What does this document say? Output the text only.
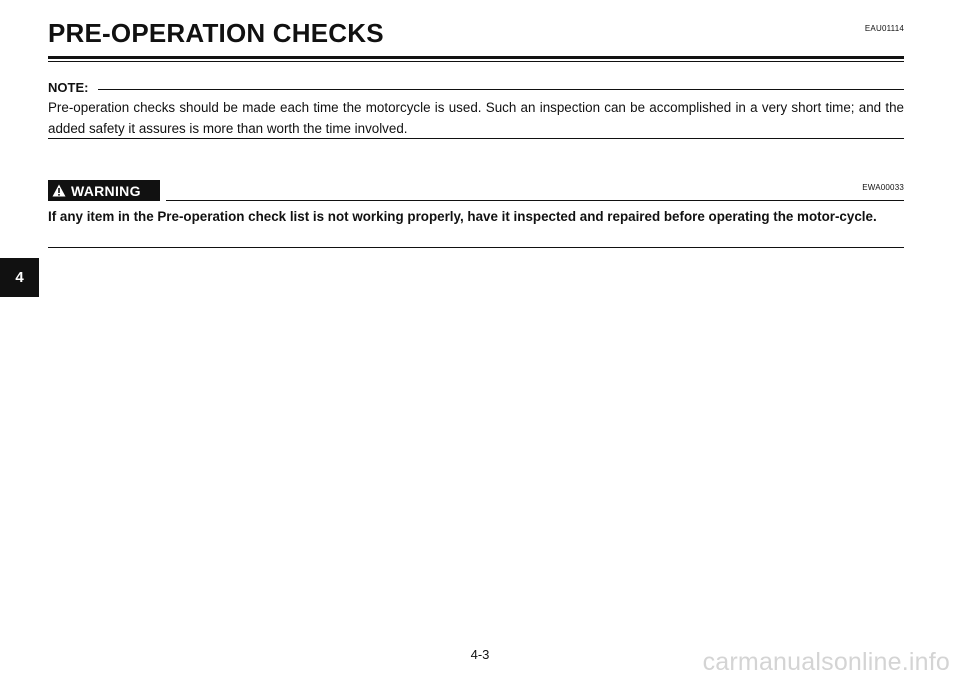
PRE-OPERATION CHECKS	EAU01114
NOTE:
Pre-operation checks should be made each time the motorcycle is used. Such an inspection can be accomplished in a very short time; and the added safety it assures is more than worth the time involved.
WARNING	EWA00033
If any item in the Pre-operation check list is not working properly, have it inspected and repaired before operating the motor-cycle.
4
4-3	carmanualsonline.info
